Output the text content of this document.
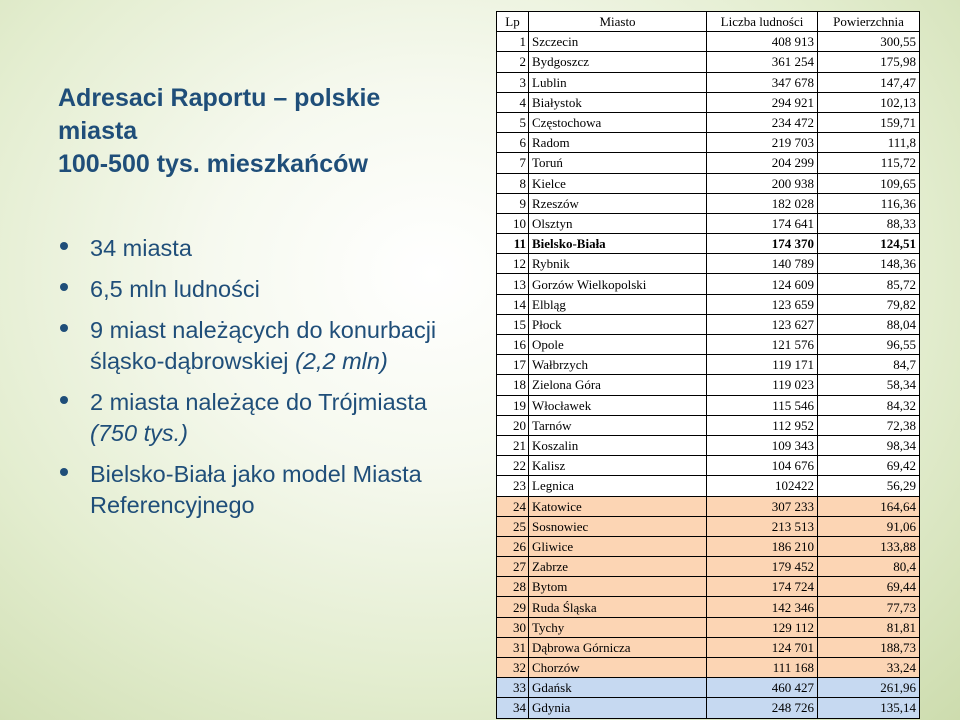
Adresaci Raportu – polskie miasta
100-500 tys. mieszkańców
34 miasta
6,5 mln ludności
9 miast należących do konurbacji śląsko-dąbrowskiej (2,2 mln)
2 miasta należące do Trójmiasta (750 tys.)
Bielsko-Biała jako model Miasta Referencyjnego
Lp	Miasto	Liczba ludności	Powierzchnia
1	Szczecin	408 913	300,55
2	Bydgoszcz	361 254	175,98
3	Lublin	347 678	147,47
4	Białystok	294 921	102,13
5	Częstochowa	234 472	159,71
6	Radom	219 703	111,8
7	Toruń	204 299	115,72
8	Kielce	200 938	109,65
9	Rzeszów	182 028	116,36
10	Olsztyn	174 641	88,33
11	Bielsko-Biała	174 370	124,51
12	Rybnik	140 789	148,36
13	Gorzów Wielkopolski	124 609	85,72
14	Elbląg	123 659	79,82
15	Płock	123 627	88,04
16	Opole	121 576	96,55
17	Wałbrzych	119 171	84,7
18	Zielona Góra	119 023	58,34
19	Włocławek	115 546	84,32
20	Tarnów	112 952	72,38
21	Koszalin	109 343	98,34
22	Kalisz	104 676	69,42
23	Legnica	102422	56,29
24	Katowice	307 233	164,64
25	Sosnowiec	213 513	91,06
26	Gliwice	186 210	133,88
27	Zabrze	179 452	80,4
28	Bytom	174 724	69,44
29	Ruda Śląska	142 346	77,73
30	Tychy	129 112	81,81
31	Dąbrowa Górnicza	124 701	188,73
32	Chorzów	111 168	33,24
33	Gdańsk	460 427	261,96
34	Gdynia	248 726	135,14
